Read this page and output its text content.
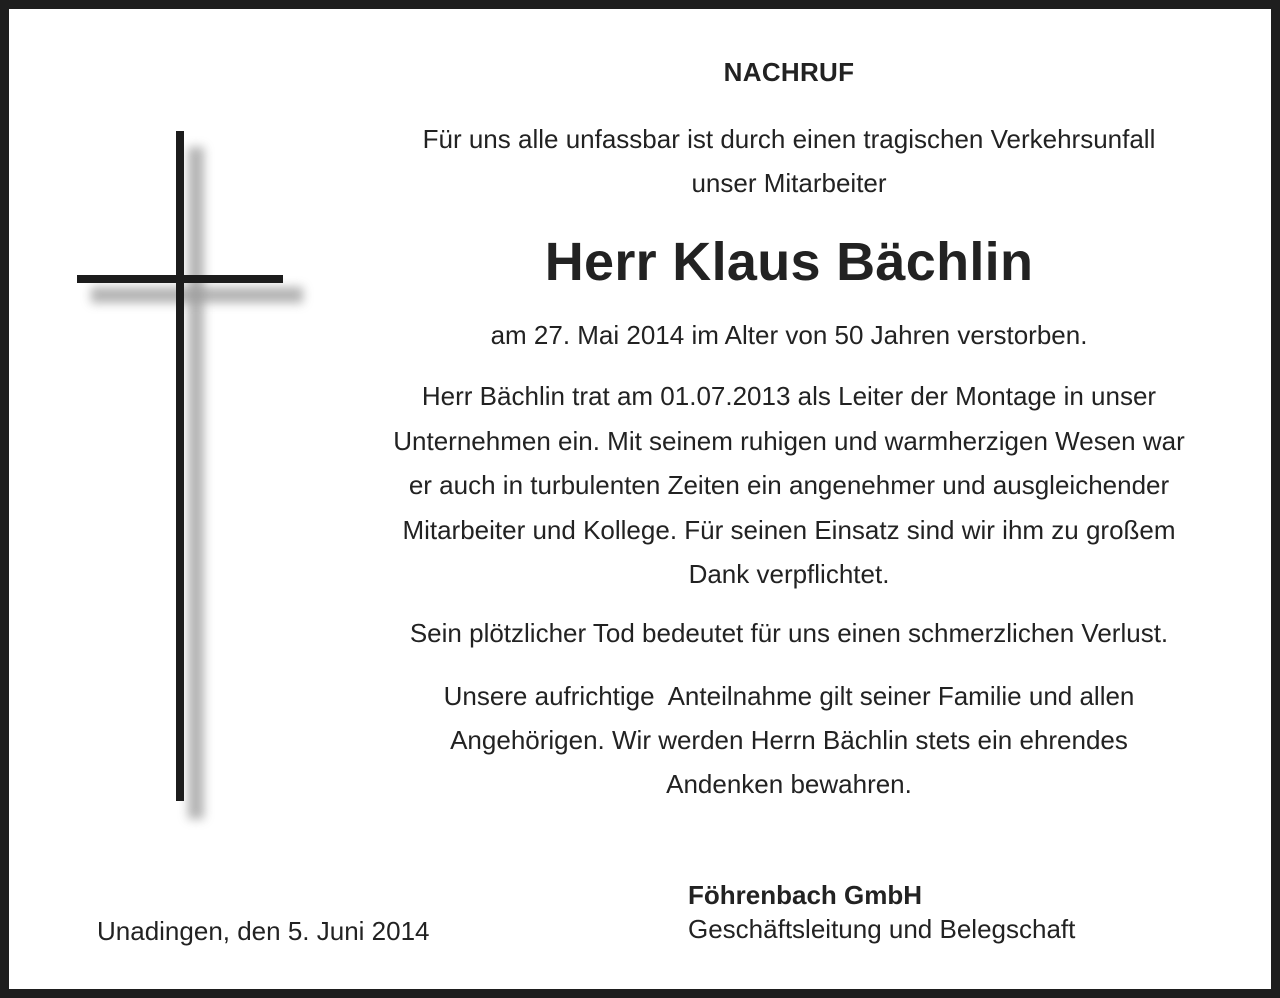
NACHRUF
Für uns alle unfassbar ist durch einen tragischen Verkehrsunfall
unser Mitarbeiter
Herr Klaus Bächlin
am 27. Mai 2014 im Alter von 50 Jahren verstorben.
Herr Bächlin trat am 01.07.2013 als Leiter der Montage in unser
Unternehmen ein. Mit seinem ruhigen und warmherzigen Wesen war
er auch in turbulenten Zeiten ein angenehmer und ausgleichender
Mitarbeiter und Kollege. Für seinen Einsatz sind wir ihm zu großem
Dank verpflichtet.
Sein plötzlicher Tod bedeutet für uns einen schmerzlichen Verlust.
Unsere aufrichtige  Anteilnahme gilt seiner Familie und allen
Angehörigen. Wir werden Herrn Bächlin stets ein ehrendes
Andenken bewahren.
Unadingen, den 5. Juni 2014
Föhrenbach GmbH
Geschäftsleitung und Belegschaft
